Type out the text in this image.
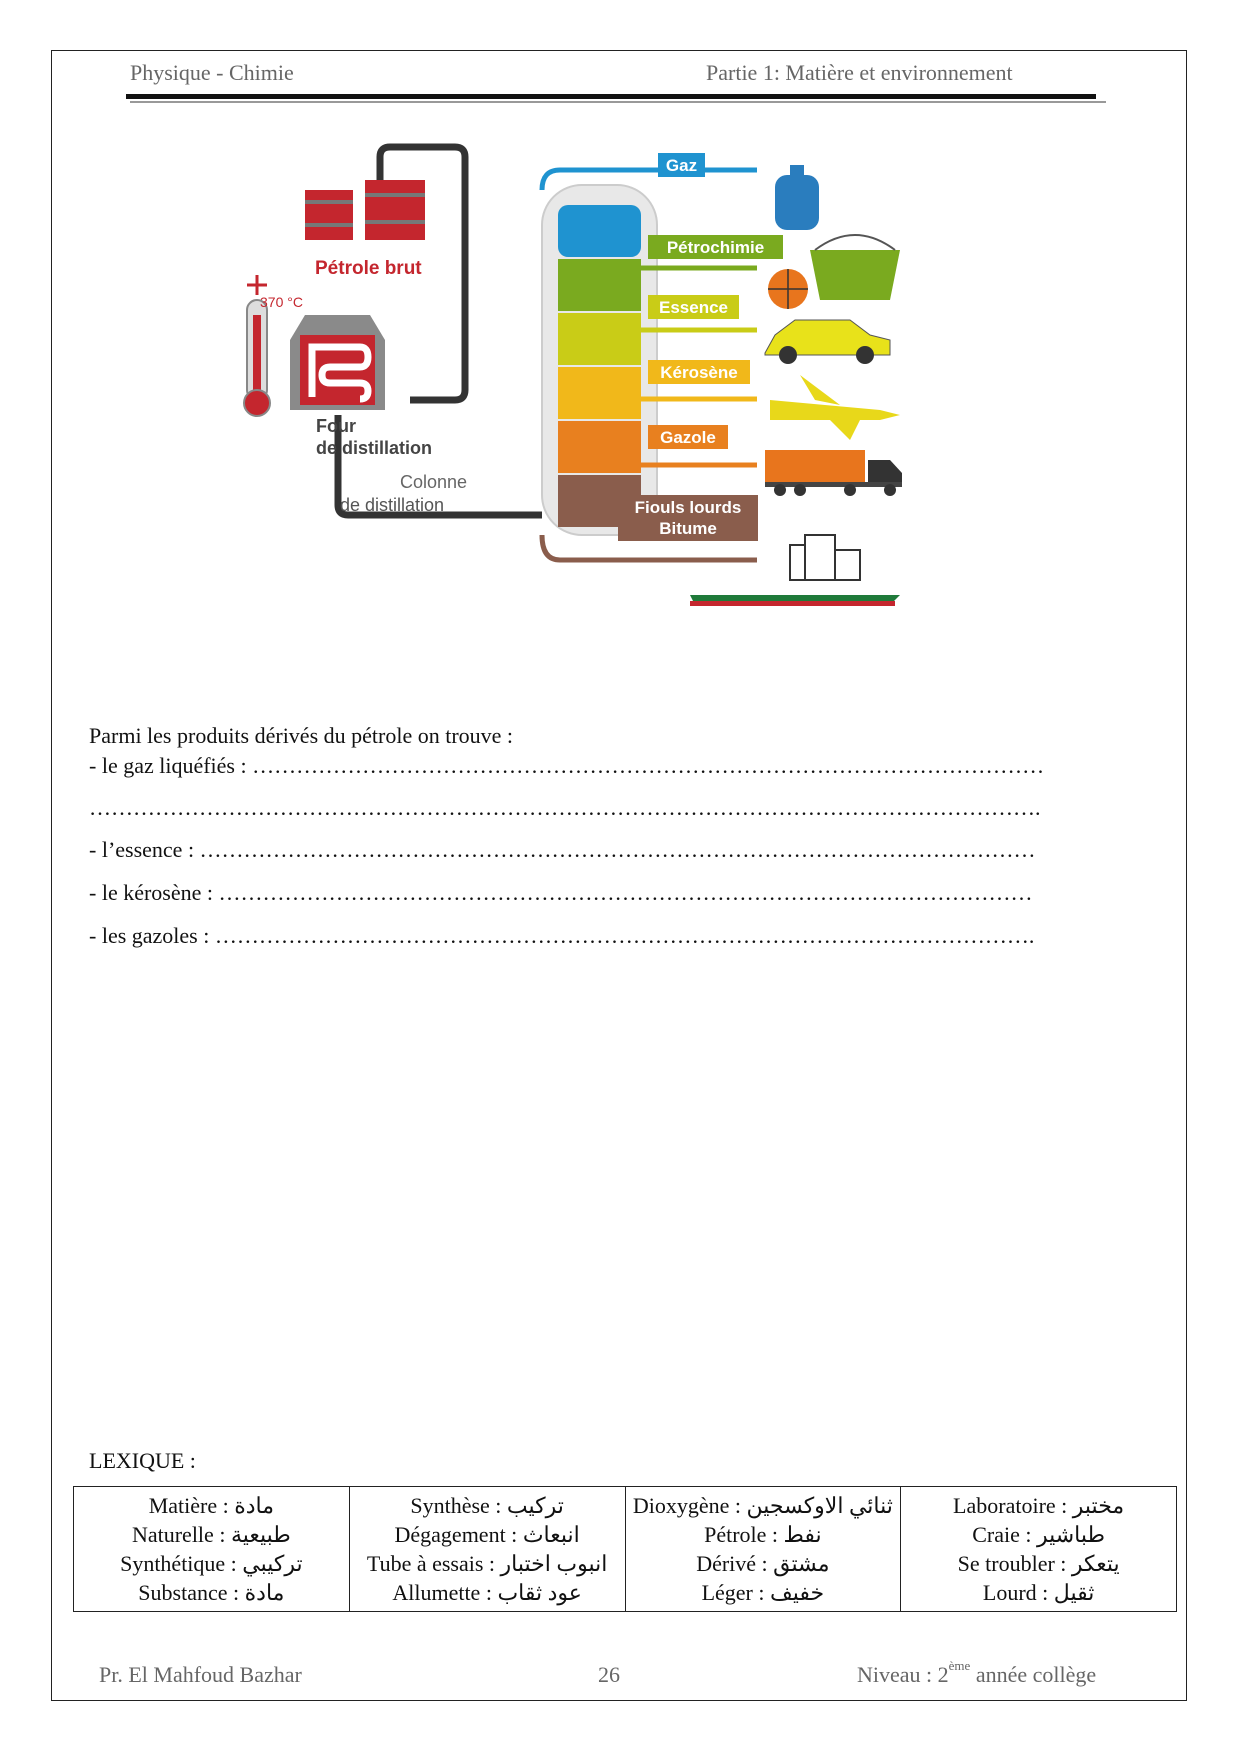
Physique - Chimie	Partie 1: Matière et environnement
Pétrole brut
370 °C
Four
de distillation
Colonne
de distillation
Gaz
Pétrochimie
Essence
Kérosène
Gazole
Fiouls lourds
Bitume
Parmi les produits dérivés du pétrole on trouve :
- le gaz liquéfiés : ………………………………………………………………………………………………
………………………………………………………………………………………………………………….
- l’essence : ……………………………………………………………………………………………………
- le kérosène : …………………………………………………………………………………………………
- les gazoles : ………………………………………………………………………………………………….
LEXIQUE :
Matière : مادة
Naturelle : طبيعية
Synthétique : تركيبي
Substance : مادة

Synthèse : تركيب
Dégagement : انبعاث
Tube à essais : انبوب اختبار
Allumette : عود ثقاب

Dioxygène : ثنائي الاوكسجين
Pétrole : نفط
Dérivé : مشتق
Léger : خفيف

Laboratoire : مختبر
Craie : طباشير
Se troubler : يتعكر
Lourd : ثقيل
Pr. El Mahfoud Bazhar	26	Niveau : 2ème année collège
